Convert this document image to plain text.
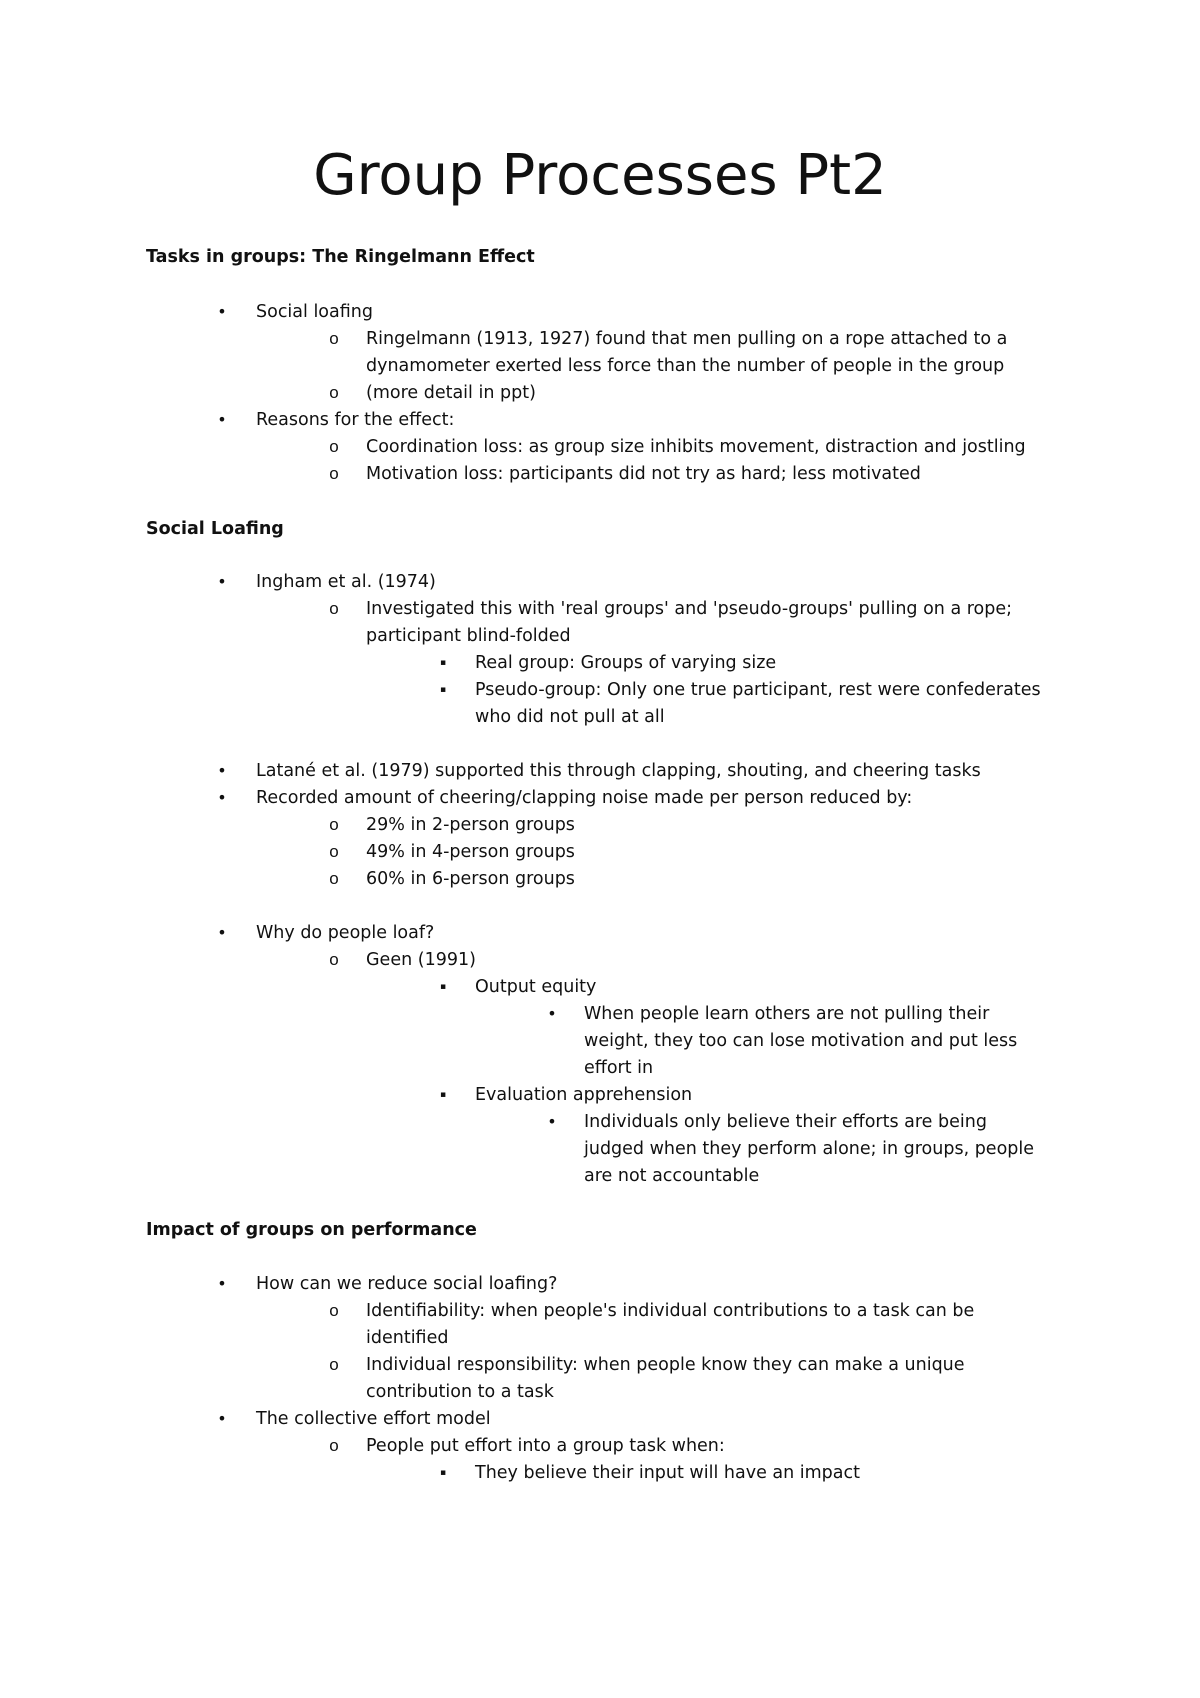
Group Processes Pt2
Tasks in groups: The Ringelmann Effect
•	Social loafing
o	Ringelmann (1913, 1927) found that men pulling on a rope attached to a
dynamometer exerted less force than the number of people in the group
o	(more detail in ppt)
•	Reasons for the effect:
o	Coordination loss: as group size inhibits movement, distraction and jostling
o	Motivation loss: participants did not try as hard; less motivated
Social Loafing
•	Ingham et al. (1974)
o	Investigated this with 'real groups' and 'pseudo-groups' pulling on a rope;
participant blind-folded
▪	Real group: Groups of varying size
▪	Pseudo-group: Only one true participant, rest were confederates
who did not pull at all
•	Latané et al. (1979) supported this through clapping, shouting, and cheering tasks
•	Recorded amount of cheering/clapping noise made per person reduced by:
o	29% in 2-person groups
o	49% in 4-person groups
o	60% in 6-person groups
•	Why do people loaf?
o	Geen (1991)
▪	Output equity
•	When people learn others are not pulling their
weight, they too can lose motivation and put less
effort in
▪	Evaluation apprehension
•	Individuals only believe their efforts are being
judged when they perform alone; in groups, people
are not accountable
Impact of groups on performance
•	How can we reduce social loafing?
o	Identifiability: when people's individual contributions to a task can be
identified
o	Individual responsibility: when people know they can make a unique
contribution to a task
•	The collective effort model
o	People put effort into a group task when:
▪	They believe their input will have an impact
